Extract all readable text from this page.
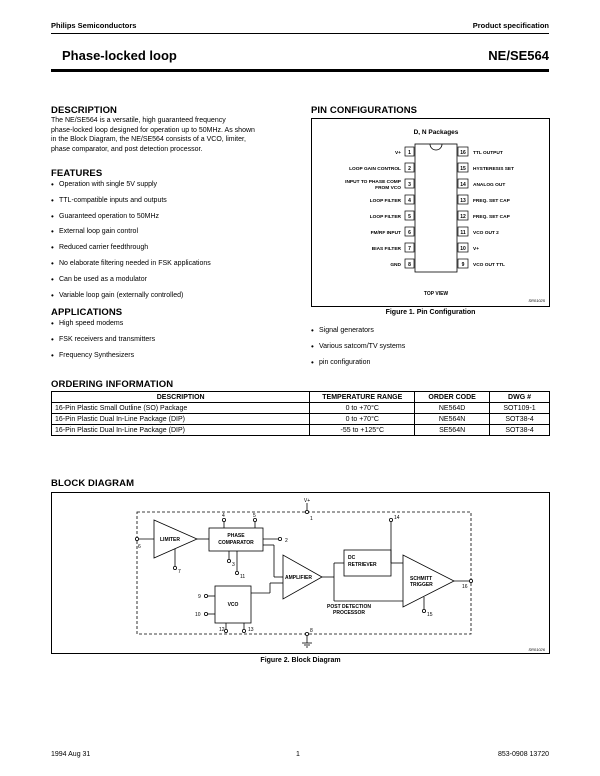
Philips Semiconductors	Product specification
Phase-locked loop	NE/SE564
DESCRIPTION
The NE/SE564 is a versatile, high guaranteed frequency
phase-locked loop designed for operation up to 50MHz. As shown
in the Block Diagram, the NE/SE564 consists of a VCO, limiter,
phase comparator, and post detection processor.
FEATURES
• Operation with single 5V supply
• TTL-compatible inputs and outputs
• Guaranteed operation to 50MHz
• External loop gain control
• Reduced carrier feedthrough
• No elaborate filtering needed in FSK applications
• Can be used as a modulator
• Variable loop gain (externally controlled)
APPLICATIONS
• High speed modems
• FSK receivers and transmitters
• Frequency Synthesizers
PIN CONFIGURATIONS
D, N Packages
1
V+
2
LOOP GAIN CONTROL
3
INPUT TO PHASE COMP
FROM VCO
4
LOOP FILTER
5
LOOP FILTER
6
FM/RF INPUT
7
BIAS FILTER
8
GND
16 TTL OUTPUT
15 HYSTERESIS SET
14 ANALOG OUT
13 FREQ. SET CAP
12 FREQ. SET CAP
11 VCO OUT 2
10 V+
9 VCO OUT TTL
TOP VIEW
SR01025
Figure 1. Pin Configuration
• Signal generators
• Various satcom/TV systems
• pin configuration
ORDERING INFORMATION
DESCRIPTION	TEMPERATURE RANGE	ORDER CODE	DWG #
16-Pin Plastic Small Outline (SO) Package	0 to +70°C	NE564D	SOT109-1
16-Pin Plastic Dual In-Line Package (DIP)	0 to +70°C	NE564N	SOT38-4
16-Pin Plastic Dual In-Line Package (DIP)	-55 to +125°C	SE564N	SOT38-4
BLOCK DIAGRAM
LIMITER
PHASE
COMPARATOR
VCO
AMPLIFIER
DC
RETRIEVER
SCHMITT
TRIGGER
POST DETECTION
PROCESSOR
V+
1
2
3
4	5
6
7
8
9
10
11
12	13
14
15
16
SR01026
Figure 2. Block Diagram
1994 Aug 31	1	853-0908 13720
